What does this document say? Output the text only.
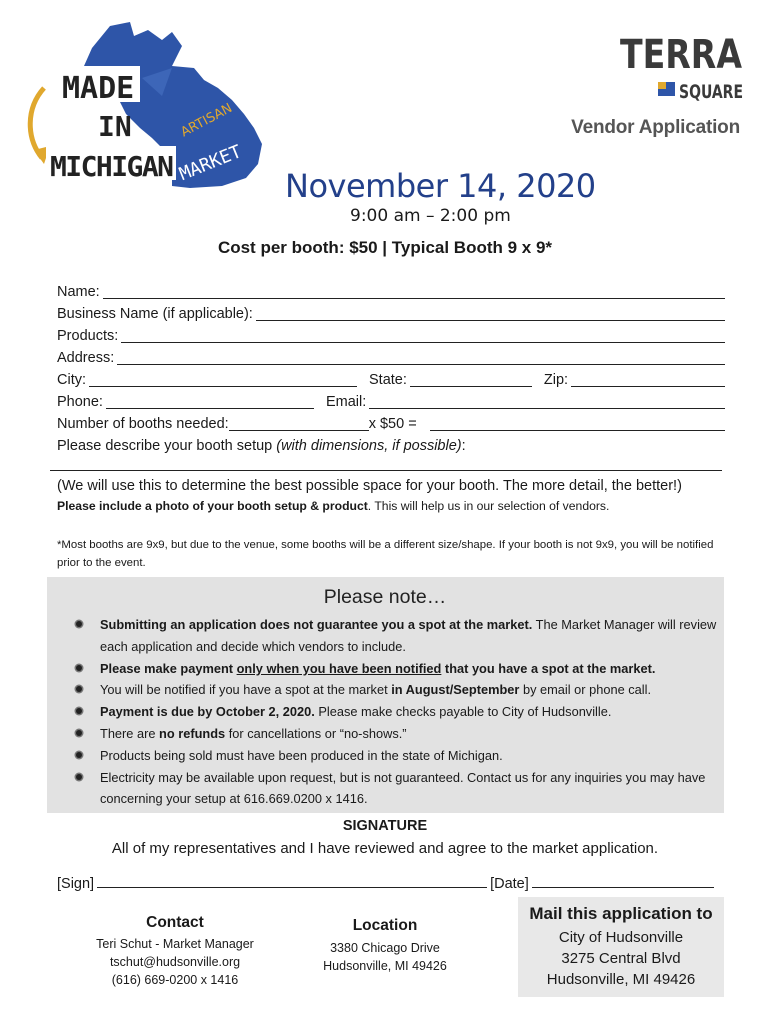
MADE
IN
MICHIGAN
ARTISAN
MARKET
TERRA
SQUARE
Vendor Application
November 14, 2020
9:00 am – 2:00 pm
Cost per booth: $50 | Typical Booth 9 x 9*
Name:
Business Name (if applicable):
Products:
Address:
City:	State:	Zip:
Phone:	Email:
Number of booths needed:	x $50 =
Please describe your booth setup (with dimensions, if possible):
(We will use this to determine the best possible space for your booth. The more detail, the better!)
Please include a photo of your booth setup & product. This will help us in our selection of vendors.
*Most booths are 9x9, but due to the venue, some booths will be a different size/shape. If your booth is not 9x9, you will be notified prior to the event.
Please note…
Submitting an application does not guarantee you a spot at the market. The Market Manager will review each application and decide which vendors to include.
Please make payment only when you have been notified that you have a spot at the market.
You will be notified if you have a spot at the market in August/September by email or phone call.
Payment is due by October 2, 2020. Please make checks payable to City of Hudsonville.
There are no refunds for cancellations or “no-shows.”
Products being sold must have been produced in the state of Michigan.
Electricity may be available upon request, but is not guaranteed. Contact us for any inquiries you may have concerning your setup at 616.669.0200 x 1416.
SIGNATURE
All of my representatives and I have reviewed and agree to the market application.
[Sign]	[Date]
Contact
Teri Schut - Market Manager
tschut@hudsonville.org
(616) 669-0200 x 1416
Location
3380 Chicago Drive
Hudsonville, MI 49426
Mail this application to
City of Hudsonville
3275 Central Blvd
Hudsonville, MI 49426
